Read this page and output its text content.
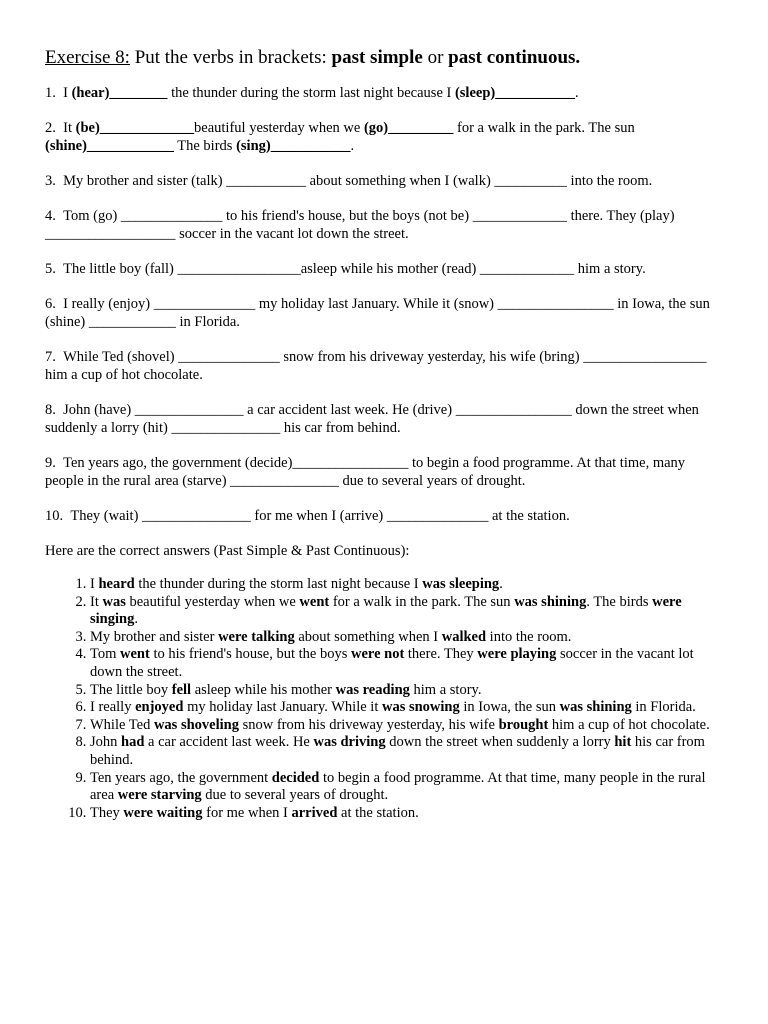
Exercise 8: Put the verbs in brackets: past simple or past continuous.
1. I (hear)________ the thunder during the storm last night because I (sleep)___________.
2. It (be)_____________beautiful yesterday when we (go)_________ for a walk in the park. The sun (shine)____________ The birds (sing)___________.
3. My brother and sister (talk) ___________ about something when I (walk) __________ into the room.
4. Tom (go) ______________ to his friend's house, but the boys (not be) _____________ there. They (play) __________________ soccer in the vacant lot down the street.
5. The little boy (fall) _________________asleep while his mother (read) _____________ him a story.
6. I really (enjoy) ______________ my holiday last January. While it (snow) ________________ in Iowa, the sun (shine) ____________ in Florida.
7. While Ted (shovel) ______________ snow from his driveway yesterday, his wife (bring) _________________ him a cup of hot chocolate.
8. John (have) _______________ a car accident last week. He (drive) ________________ down the street when suddenly a lorry (hit) _______________ his car from behind.
9. Ten years ago, the government (decide)________________ to begin a food programme. At that time, many people in the rural area (starve) _______________ due to several years of drought.
10. They (wait) _______________ for me when I (arrive) ______________ at the station.
Here are the correct answers (Past Simple & Past Continuous):
1. I heard the thunder during the storm last night because I was sleeping.
2. It was beautiful yesterday when we went for a walk in the park. The sun was shining. The birds were singing.
3. My brother and sister were talking about something when I walked into the room.
4. Tom went to his friend's house, but the boys were not there. They were playing soccer in the vacant lot down the street.
5. The little boy fell asleep while his mother was reading him a story.
6. I really enjoyed my holiday last January. While it was snowing in Iowa, the sun was shining in Florida.
7. While Ted was shoveling snow from his driveway yesterday, his wife brought him a cup of hot chocolate.
8. John had a car accident last week. He was driving down the street when suddenly a lorry hit his car from behind.
9. Ten years ago, the government decided to begin a food programme. At that time, many people in the rural area were starving due to several years of drought.
10. They were waiting for me when I arrived at the station.
